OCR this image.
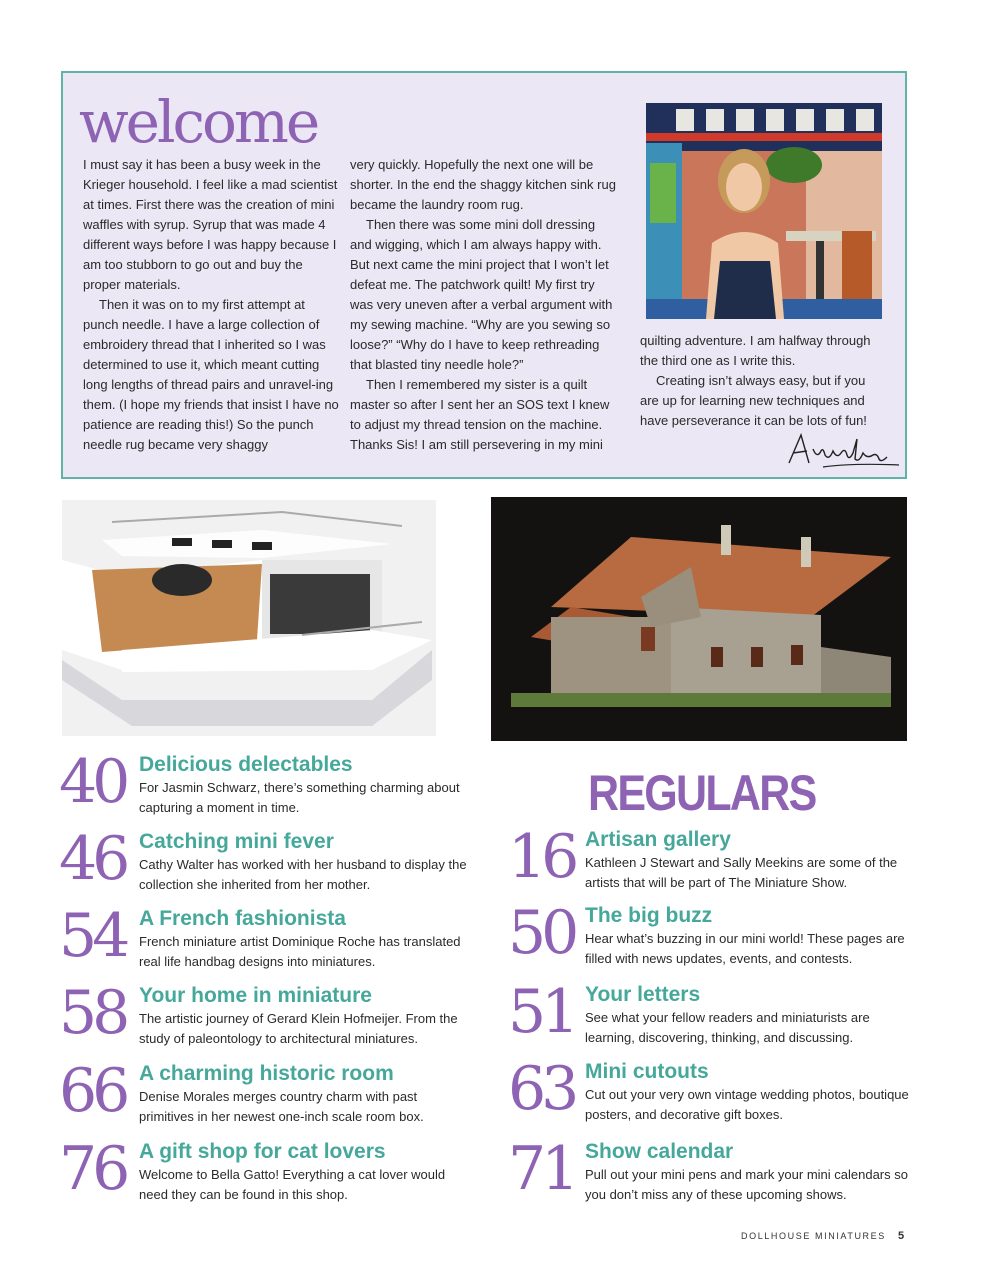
welcome

I must say it has been a busy week in the Krieger household. I feel like a mad scientist at times. First there was the creation of mini waffles with syrup. Syrup that was made 4 different ways before I was happy because I am too stubborn to go out and buy the proper materials.

Then it was on to my first attempt at punch needle. I have a large collection of embroidery thread that I inherited so I was determined to use it, which meant cutting long lengths of thread pairs and unravel-ing them. (I hope my friends that insist I have no patience are reading this!) So the punch needle rug became very shaggy

very quickly. Hopefully the next one will be shorter. In the end the shaggy kitchen sink rug became the laundry room rug.

Then there was some mini doll dressing and wigging, which I am always happy with. But next came the mini project that I won’t let defeat me. The patchwork quilt! My first try was very uneven after a verbal argument with my sewing machine. “Why are you sewing so loose?” “Why do I have to keep rethreading that blasted tiny needle hole?”

Then I remembered my sister is a quilt master so after I sent her an SOS text I knew to adjust my thread tension on the machine. Thanks Sis! I am still persevering in my mini

quilting adventure. I am halfway through the third one as I write this.

Creating isn’t always easy, but if you are up for learning new techniques and have perseverance it can be lots of fun!

40 Delicious delectables
For Jasmin Schwarz, there’s something charming about capturing a moment in time.
46 Catching mini fever
Cathy Walter has worked with her husband to display the collection she inherited from her mother.
54 A French fashionista
French miniature artist Dominique Roche has translated real life handbag designs into miniatures.
58 Your home in miniature
The artistic journey of Gerard Klein Hofmeijer. From the study of paleontology to architectural miniatures.
66 A charming historic room
Denise Morales merges country charm with past primitives in her newest one-inch scale room box.
76 A gift shop for cat lovers
Welcome to Bella Gatto! Everything a cat lover would need they can be found in this shop.
REGULARS
16 Artisan gallery
Kathleen J Stewart and Sally Meekins are some of the artists that will be part of The Miniature Show.
50 The big buzz
Hear what’s buzzing in our mini world! These pages are filled with news updates, events, and contests.
51 Your letters
See what your fellow readers and miniaturists are learning, discovering, thinking, and discussing.
63 Mini cutouts
Cut out your very own vintage wedding photos, boutique posters, and decorative gift boxes.
71 Show calendar
Pull out your mini pens and mark your mini calendars so you don’t miss any of these upcoming shows.
DOLLHOUSE MINIATURES 5
